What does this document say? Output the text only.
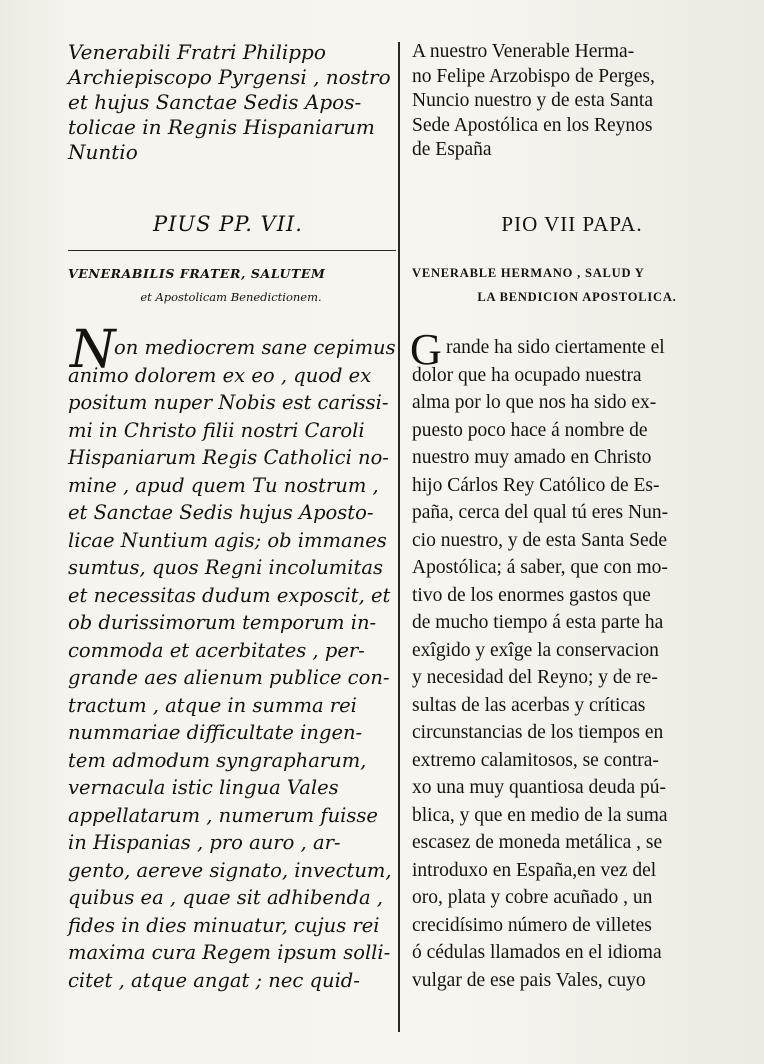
Venerabili Fratri Philippo
Archiepiscopo Pyrgensi , nostro
et hujus Sanctae Sedis Apos-
tolicae in Regnis Hispaniarum
Nuntio
PIUS PP. VII.
VENERABILIS FRATER, SALUTEM
et Apostolicam Benedictionem.
N
on mediocrem sane cepimus
animo dolorem ex eo , quod ex
positum nuper Nobis est carissi-
mi in Christo filii nostri Caroli
Hispaniarum Regis Catholici no-
mine , apud quem Tu nostrum ,
et Sanctae Sedis hujus Aposto-
licae Nuntium agis; ob immanes
sumtus, quos Regni incolumitas
et necessitas dudum exposcit, et
ob durissimorum temporum in-
commoda et acerbitates , per-
grande aes alienum publice con-
tractum , atque in summa rei
nummariae difficultate ingen-
tem admodum syngrapharum,
vernacula istic lingua Vales
appellatarum , numerum fuisse
in Hispanias , pro auro , ar-
gento, aereve signato, invectum,
quibus ea , quae sit adhibenda ,
fides in dies minuatur, cujus rei
maxima cura Regem ipsum solli-
citet , atque angat ; nec quid-
A nuestro Venerable Herma-
no Felipe Arzobispo de Perges,
Nuncio nuestro y de esta Santa
Sede Apostólica en los Reynos
de España
PIO VII PAPA.
VENERABLE HERMANO , SALUD Y
LA BENDICION APOSTOLICA.
G rande ha sido ciertamente el
dolor que ha ocupado nuestra
alma por lo que nos ha sido ex-
puesto poco hace á nombre de
nuestro muy amado en Christo
hijo Cárlos Rey Católico de Es-
paña, cerca del qual tú eres Nun-
cio nuestro, y de esta Santa Sede
Apostólica; á saber, que con mo-
tivo de los enormes gastos que
de mucho tiempo á esta parte ha
exîgido y exîge la conservacion
y necesidad del Reyno; y de re-
sultas de las acerbas y críticas
circunstancias de los tiempos en
extremo calamitosos, se contra-
xo una muy quantiosa deuda pú-
blica, y que en medio de la suma
escasez de moneda metálica , se
introduxo en España,en vez del
oro, plata y cobre acuñado , un
crecidísimo número de villetes
ó cédulas llamados en el idioma
vulgar de ese pais Vales, cuyo
